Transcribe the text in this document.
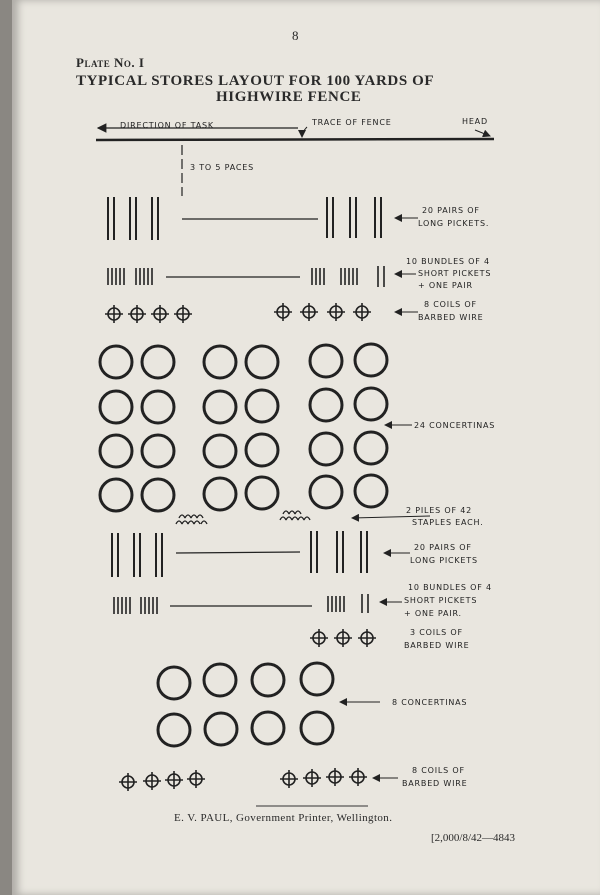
8
Plate No. I
TYPICAL STORES LAYOUT FOR 100 YARDS OF
HIGHWIRE FENCE
DIRECTION OF TASK	TRACE OF FENCE	HEAD
3 TO 5 PACES
20 PAIRS OF
LONG PICKETS.
10 BUNDLES OF 4
SHORT PICKETS
+ ONE PAIR
8 COILS OF
BARBED WIRE
24 CONCERTINAS
2 PILES OF 42
STAPLES EACH.
20 PAIRS OF
LONG PICKETS
10 BUNDLES OF 4
SHORT PICKETS
+ ONE PAIR.
3 COILS OF
BARBED WIRE
8 CONCERTINAS
8 COILS OF
BARBED WIRE
E. V. PAUL, Government Printer, Wellington.
[2,000/8/42—4843
